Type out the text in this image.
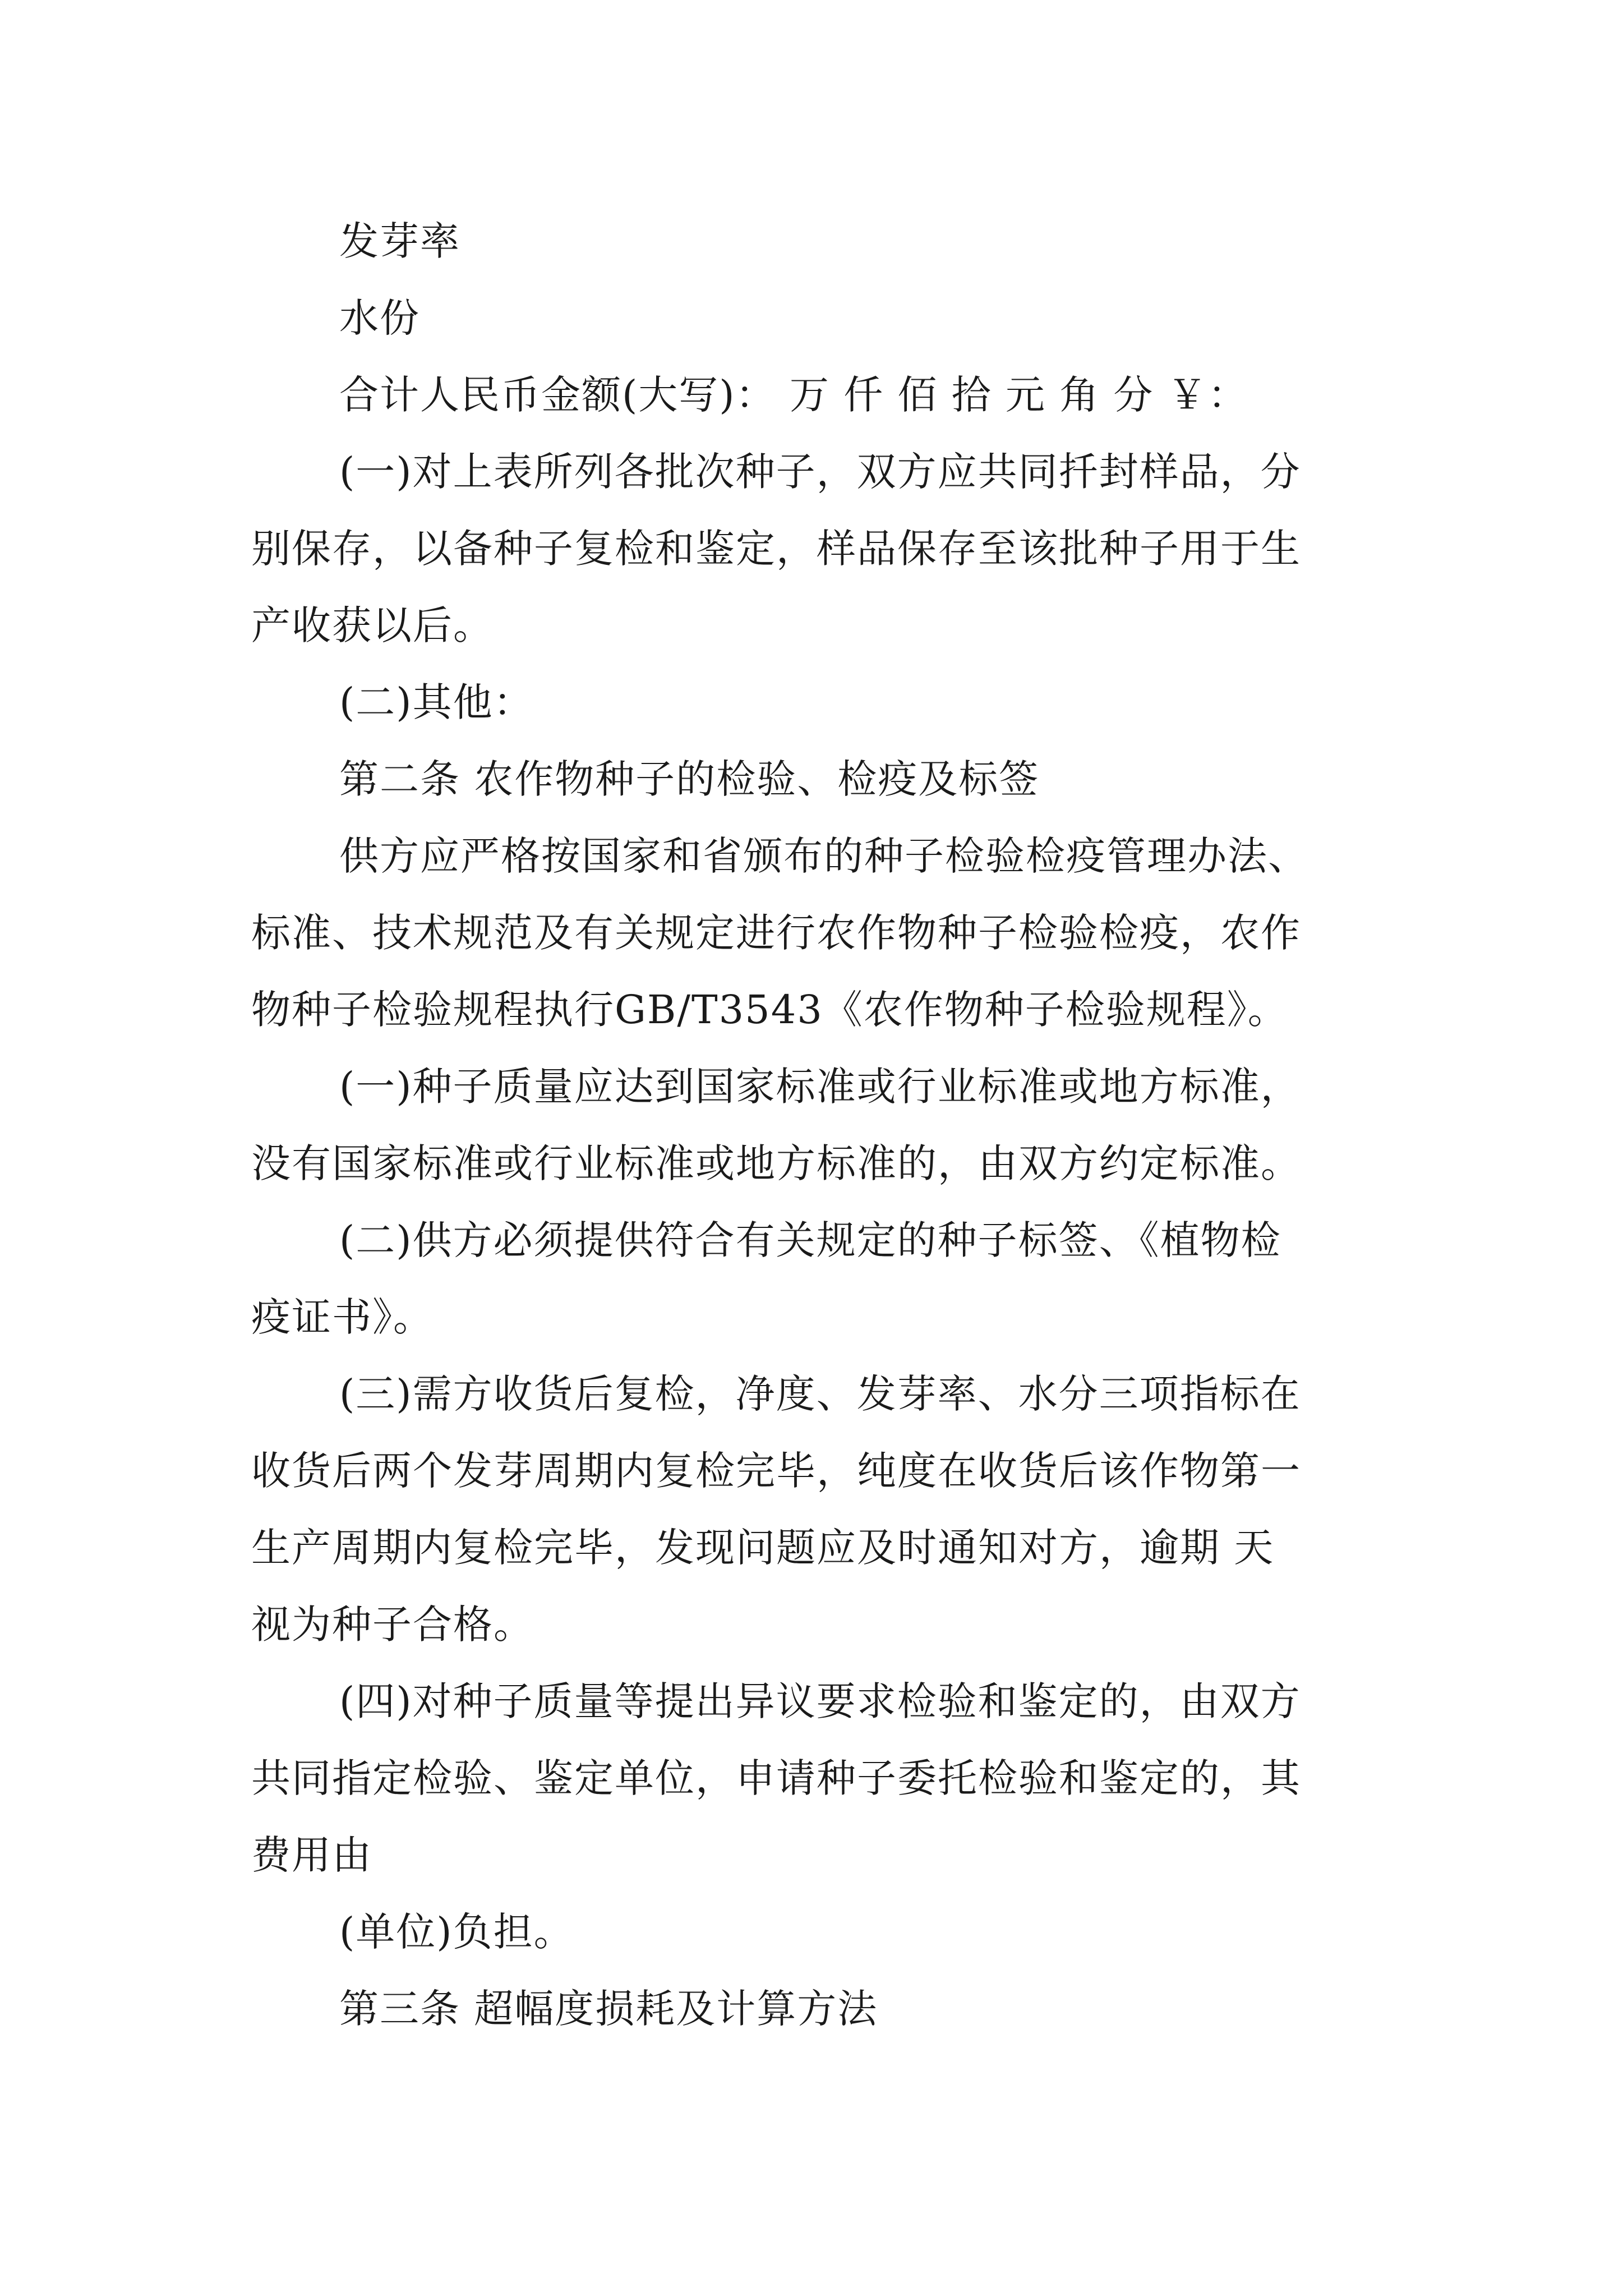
发芽率
水份
合计人民币金额(大写)： 万 仟 佰 拾 元 角 分 ￥：
(一)对上表所列各批次种子，双方应共同扦封样品，分
别保存，以备种子复检和鉴定，样品保存至该批种子用于生
产收获以后。
(二)其他：
第二条 农作物种子的检验、检疫及标签
供方应严格按国家和省颁布的种子检验检疫管理办法、
标准、技术规范及有关规定进行农作物种子检验检疫，农作
物种子检验规程执行GB/T3543《农作物种子检验规程》。
(一)种子质量应达到国家标准或行业标准或地方标准，
没有国家标准或行业标准或地方标准的，由双方约定标准。
(二)供方必须提供符合有关规定的种子标签、《植物检
疫证书》。
(三)需方收货后复检，净度、发芽率、水分三项指标在
收货后两个发芽周期内复检完毕，纯度在收货后该作物第一
生产周期内复检完毕，发现问题应及时通知对方，逾期 天
视为种子合格。
(四)对种子质量等提出异议要求检验和鉴定的，由双方
共同指定检验、鉴定单位，申请种子委托检验和鉴定的，其
费用由
(单位)负担。
第三条 超幅度损耗及计算方法
